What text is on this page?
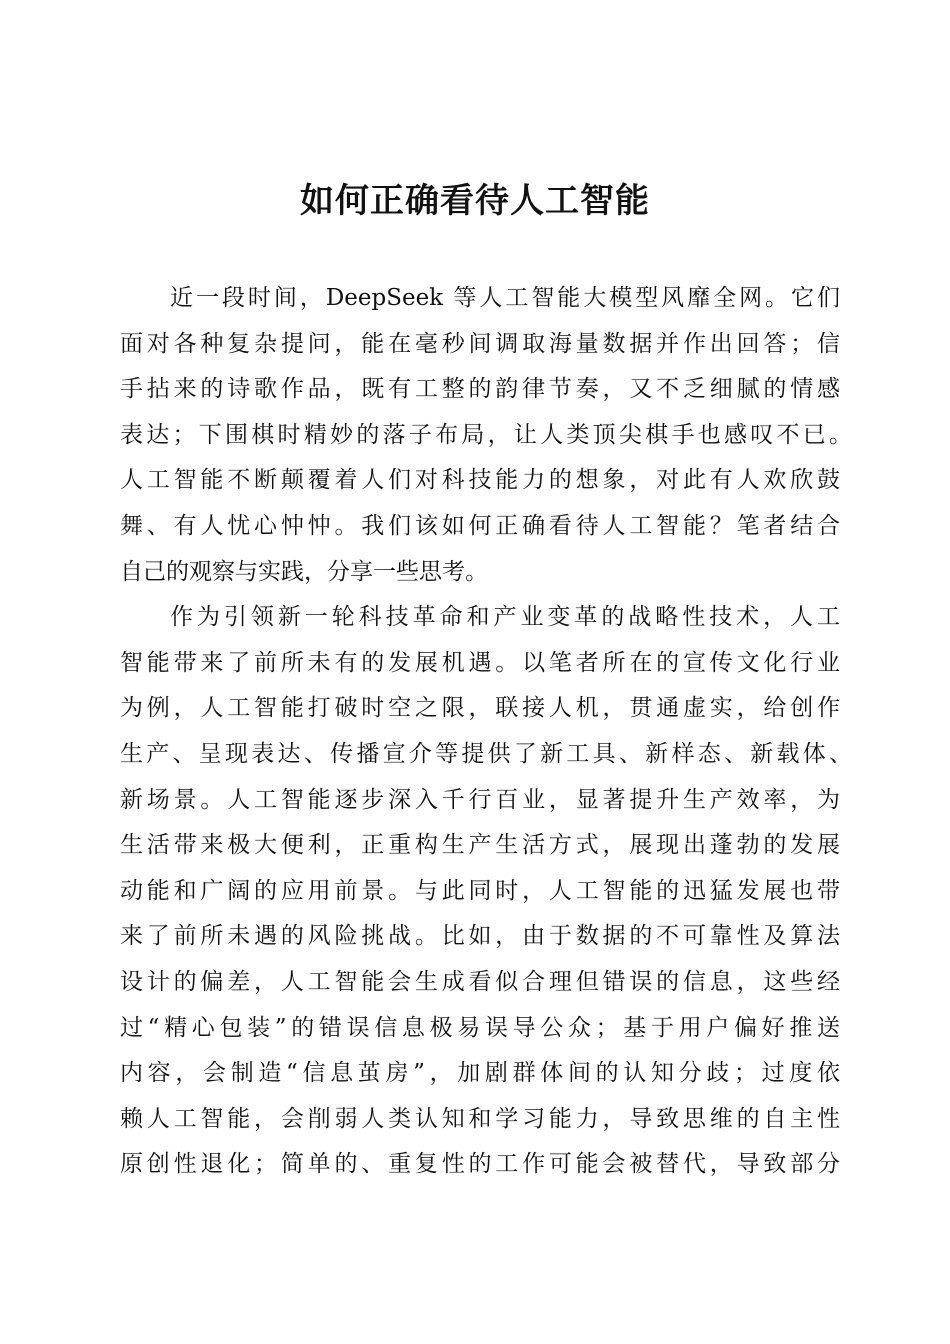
如何正确看待人工智能
近一段时间，DeepSeek 等人工智能大模型风靡全网。它们
面对各种复杂提问，能在毫秒间调取海量数据并作出回答；信
手拈来的诗歌作品，既有工整的韵律节奏，又不乏细腻的情感
表达；下围棋时精妙的落子布局，让人类顶尖棋手也感叹不已。
人工智能不断颠覆着人们对科技能力的想象，对此有人欢欣鼓
舞、有人忧心忡忡。我们该如何正确看待人工智能？笔者结合
自己的观察与实践，分享一些思考。
作为引领新一轮科技革命和产业变革的战略性技术，人工
智能带来了前所未有的发展机遇。以笔者所在的宣传文化行业
为例，人工智能打破时空之限，联接人机，贯通虚实，给创作
生产、呈现表达、传播宣介等提供了新工具、新样态、新载体、
新场景。人工智能逐步深入千行百业，显著提升生产效率，为
生活带来极大便利，正重构生产生活方式，展现出蓬勃的发展
动能和广阔的应用前景。与此同时，人工智能的迅猛发展也带
来了前所未遇的风险挑战。比如，由于数据的不可靠性及算法
设计的偏差，人工智能会生成看似合理但错误的信息，这些经
过“精心包装”的错误信息极易误导公众；基于用户偏好推送
内容，会制造“信息茧房”，加剧群体间的认知分歧；过度依
赖人工智能，会削弱人类认知和学习能力，导致思维的自主性
原创性退化；简单的、重复性的工作可能会被替代，导致部分
